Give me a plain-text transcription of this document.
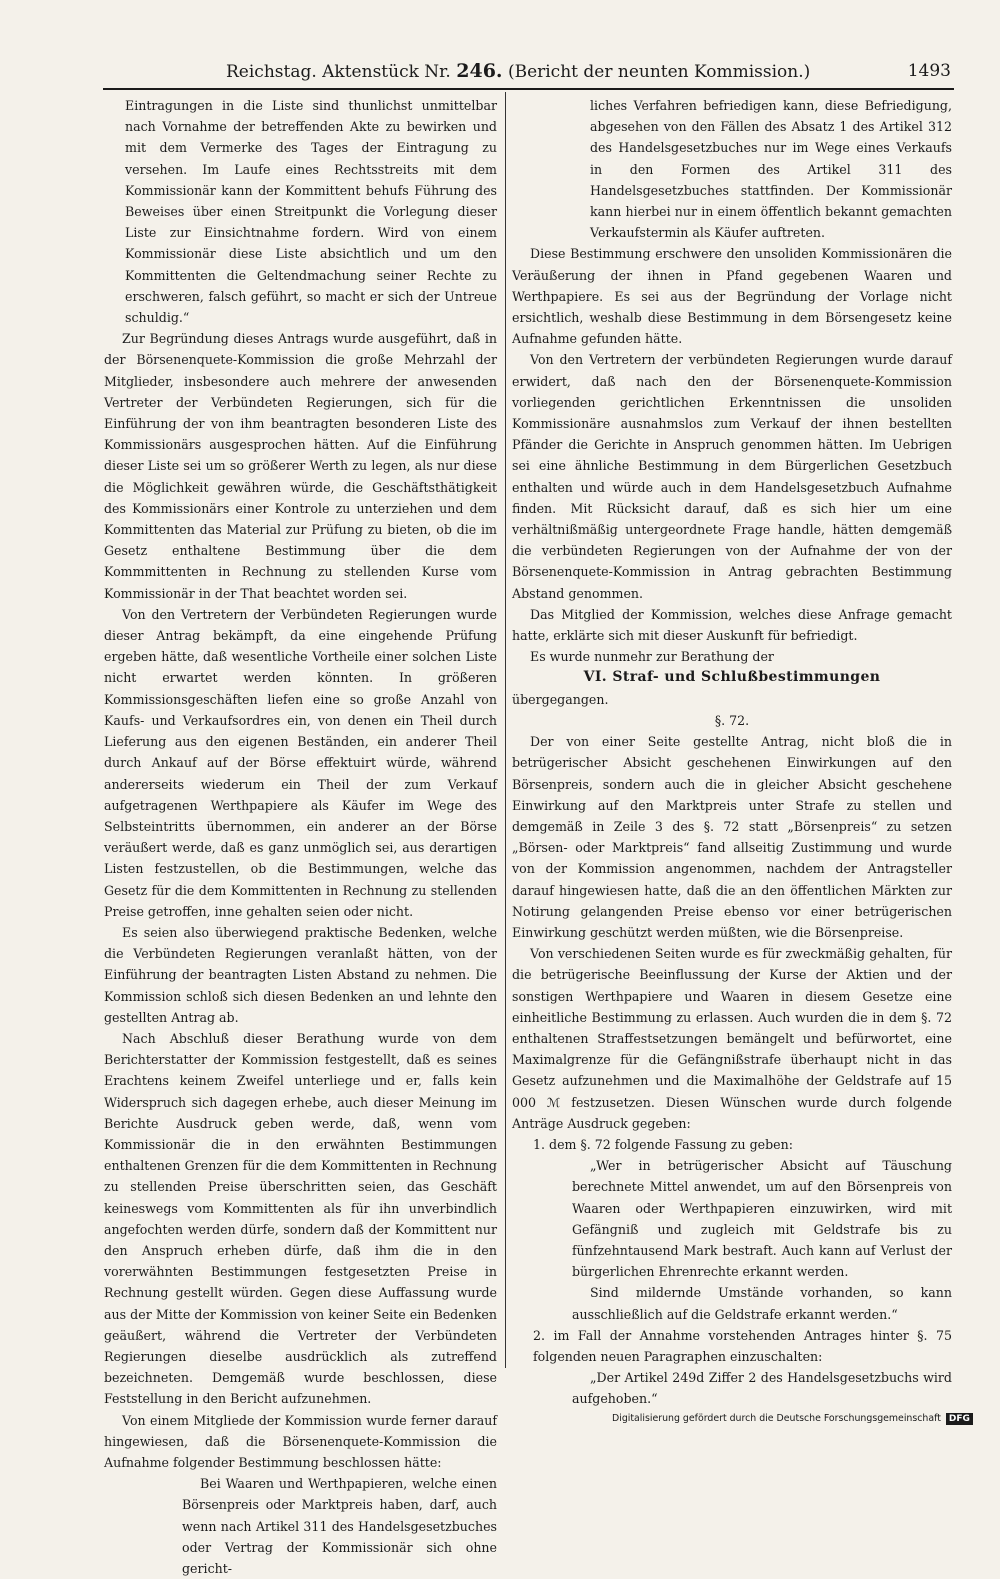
Reichstag. Aktenstück Nr. 246. (Bericht der neunten Kommission.)	1493

Eintragungen in die Liste sind thunlichst unmittelbar nach Vornahme der betreffenden Akte zu bewirken und mit dem Vermerke des Tages der Eintragung zu versehen. Im Laufe eines Rechtsstreits mit dem Kommissionär kann der Kommittent behufs Führung des Beweises über einen Streitpunkt die Vorlegung dieser Liste zur Einsichtnahme fordern. Wird von einem Kommissionär diese Liste absichtlich und um den Kommittenten die Geltendmachung seiner Rechte zu erschweren, falsch geführt, so macht er sich der Untreue schuldig.“

Zur Begründung dieses Antrags wurde ausgeführt, daß in der Börsenenquete-Kommission die große Mehrzahl der Mitglieder, insbesondere auch mehrere der anwesenden Vertreter der Verbündeten Regierungen, sich für die Einführung der von ihm beantragten besonderen Liste des Kommissionärs ausgesprochen hätten. Auf die Einführung dieser Liste sei um so größerer Werth zu legen, als nur diese die Möglichkeit gewähren würde, die Geschäftsthätigkeit des Kommissionärs einer Kontrole zu unterziehen und dem Kommittenten das Material zur Prüfung zu bieten, ob die im Gesetz enthaltene Bestimmung über die dem Kommmittenten in Rechnung zu stellenden Kurse vom Kommissionär in der That beachtet worden sei.

Von den Vertretern der Verbündeten Regierungen wurde dieser Antrag bekämpft, da eine eingehende Prüfung ergeben hätte, daß wesentliche Vortheile einer solchen Liste nicht erwartet werden könnten. In größeren Kommissionsgeschäften liefen eine so große Anzahl von Kaufs- und Verkaufsordres ein, von denen ein Theil durch Lieferung aus den eigenen Beständen, ein anderer Theil durch Ankauf auf der Börse effektuirt würde, während andererseits wiederum ein Theil der zum Verkauf aufgetragenen Werthpapiere als Käufer im Wege des Selbsteintritts übernommen, ein anderer an der Börse veräußert werde, daß es ganz unmöglich sei, aus derartigen Listen festzustellen, ob die Bestimmungen, welche das Gesetz für die dem Kommittenten in Rechnung zu stellenden Preise getroffen, inne gehalten seien oder nicht.

Es seien also überwiegend praktische Bedenken, welche die Verbündeten Regierungen veranlaßt hätten, von der Einführung der beantragten Listen Abstand zu nehmen. Die Kommission schloß sich diesen Bedenken an und lehnte den gestellten Antrag ab.

Nach Abschluß dieser Berathung wurde von dem Berichterstatter der Kommission festgestellt, daß es seines Erachtens keinem Zweifel unterliege und er, falls kein Widerspruch sich dagegen erhebe, auch dieser Meinung im Berichte Ausdruck geben werde, daß, wenn vom Kommissionär die in den erwähnten Bestimmungen enthaltenen Grenzen für die dem Kommittenten in Rechnung zu stellenden Preise überschritten seien, das Geschäft keineswegs vom Kommittenten als für ihn unverbindlich angefochten werden dürfe, sondern daß der Kommittent nur den Anspruch erheben dürfe, daß ihm die in den vorerwähnten Bestimmungen festgesetzten Preise in Rechnung gestellt würden. Gegen diese Auffassung wurde aus der Mitte der Kommission von keiner Seite ein Bedenken geäußert, während die Vertreter der Verbündeten Regierungen dieselbe ausdrücklich als zutreffend bezeichneten. Demgemäß wurde beschlossen, diese Feststellung in den Bericht aufzunehmen.

Von einem Mitgliede der Kommission wurde ferner darauf hingewiesen, daß die Börsenenquete-Kommission die Aufnahme folgender Bestimmung beschlossen hätte:

Bei Waaren und Werthpapieren, welche einen Börsenpreis oder Marktpreis haben, darf, auch wenn nach Artikel 311 des Handelsgesetzbuches oder Vertrag der Kommissionär sich ohne gericht-

liches Verfahren befriedigen kann, diese Befriedigung, abgesehen von den Fällen des Absatz 1 des Artikel 312 des Handelsgesetzbuches nur im Wege eines Verkaufs in den Formen des Artikel 311 des Handelsgesetzbuches stattfinden. Der Kommissionär kann hierbei nur in einem öffentlich bekannt gemachten Verkaufstermin als Käufer auftreten.

Diese Bestimmung erschwere den unsoliden Kommissionären die Veräußerung der ihnen in Pfand gegebenen Waaren und Werthpapiere. Es sei aus der Begründung der Vorlage nicht ersichtlich, weshalb diese Bestimmung in dem Börsengesetz keine Aufnahme gefunden hätte.

Von den Vertretern der verbündeten Regierungen wurde darauf erwidert, daß nach den der Börsenenquete-Kommission vorliegenden gerichtlichen Erkenntnissen die unsoliden Kommissionäre ausnahmslos zum Verkauf der ihnen bestellten Pfänder die Gerichte in Anspruch genommen hätten. Im Uebrigen sei eine ähnliche Bestimmung in dem Bürgerlichen Gesetzbuch enthalten und würde auch in dem Handelsgesetzbuch Aufnahme finden. Mit Rücksicht darauf, daß es sich hier um eine verhältnißmäßig untergeordnete Frage handle, hätten demgemäß die verbündeten Regierungen von der Aufnahme der von der Börsenenquete-Kommission in Antrag gebrachten Bestimmung Abstand genommen.

Das Mitglied der Kommission, welches diese Anfrage gemacht hatte, erklärte sich mit dieser Auskunft für befriedigt.

Es wurde nunmehr zur Berathung der

VI. Straf- und Schlußbestimmungen

übergegangen.

§. 72.

Der von einer Seite gestellte Antrag, nicht bloß die in betrügerischer Absicht geschehenen Einwirkungen auf den Börsenpreis, sondern auch die in gleicher Absicht geschehene Einwirkung auf den Marktpreis unter Strafe zu stellen und demgemäß in Zeile 3 des §. 72 statt „Börsenpreis“ zu setzen „Börsen- oder Marktpreis“ fand allseitig Zustimmung und wurde von der Kommission angenommen, nachdem der Antragsteller darauf hingewiesen hatte, daß die an den öffentlichen Märkten zur Notirung gelangenden Preise ebenso vor einer betrügerischen Einwirkung geschützt werden müßten, wie die Börsenpreise.

Von verschiedenen Seiten wurde es für zweckmäßig gehalten, für die betrügerische Beeinflussung der Kurse der Aktien und der sonstigen Werthpapiere und Waaren in diesem Gesetze eine einheitliche Bestimmung zu erlassen. Auch wurden die in dem §. 72 enthaltenen Straffestsetzungen bemängelt und befürwortet, eine Maximalgrenze für die Gefängnißstrafe überhaupt nicht in das Gesetz aufzunehmen und die Maximalhöhe der Geldstrafe auf 15 000 ℳ festzusetzen. Diesen Wünschen wurde durch folgende Anträge Ausdruck gegeben:

1. dem §. 72 folgende Fassung zu geben:

„Wer in betrügerischer Absicht auf Täuschung berechnete Mittel anwendet, um auf den Börsenpreis von Waaren oder Werthpapieren einzuwirken, wird mit Gefängniß und zugleich mit Geldstrafe bis zu fünfzehntausend Mark bestraft. Auch kann auf Verlust der bürgerlichen Ehrenrechte erkannt werden.

Sind mildernde Umstände vorhanden, so kann ausschließlich auf die Geldstrafe erkannt werden.“

2. im Fall der Annahme vorstehenden Antrages hinter §. 75 folgenden neuen Paragraphen einzuschalten:

„Der Artikel 249d Ziffer 2 des Handelsgesetzbuchs wird aufgehoben.“

Digitalisierung gefördert durch die Deutsche Forschungsgemeinschaft DFG
